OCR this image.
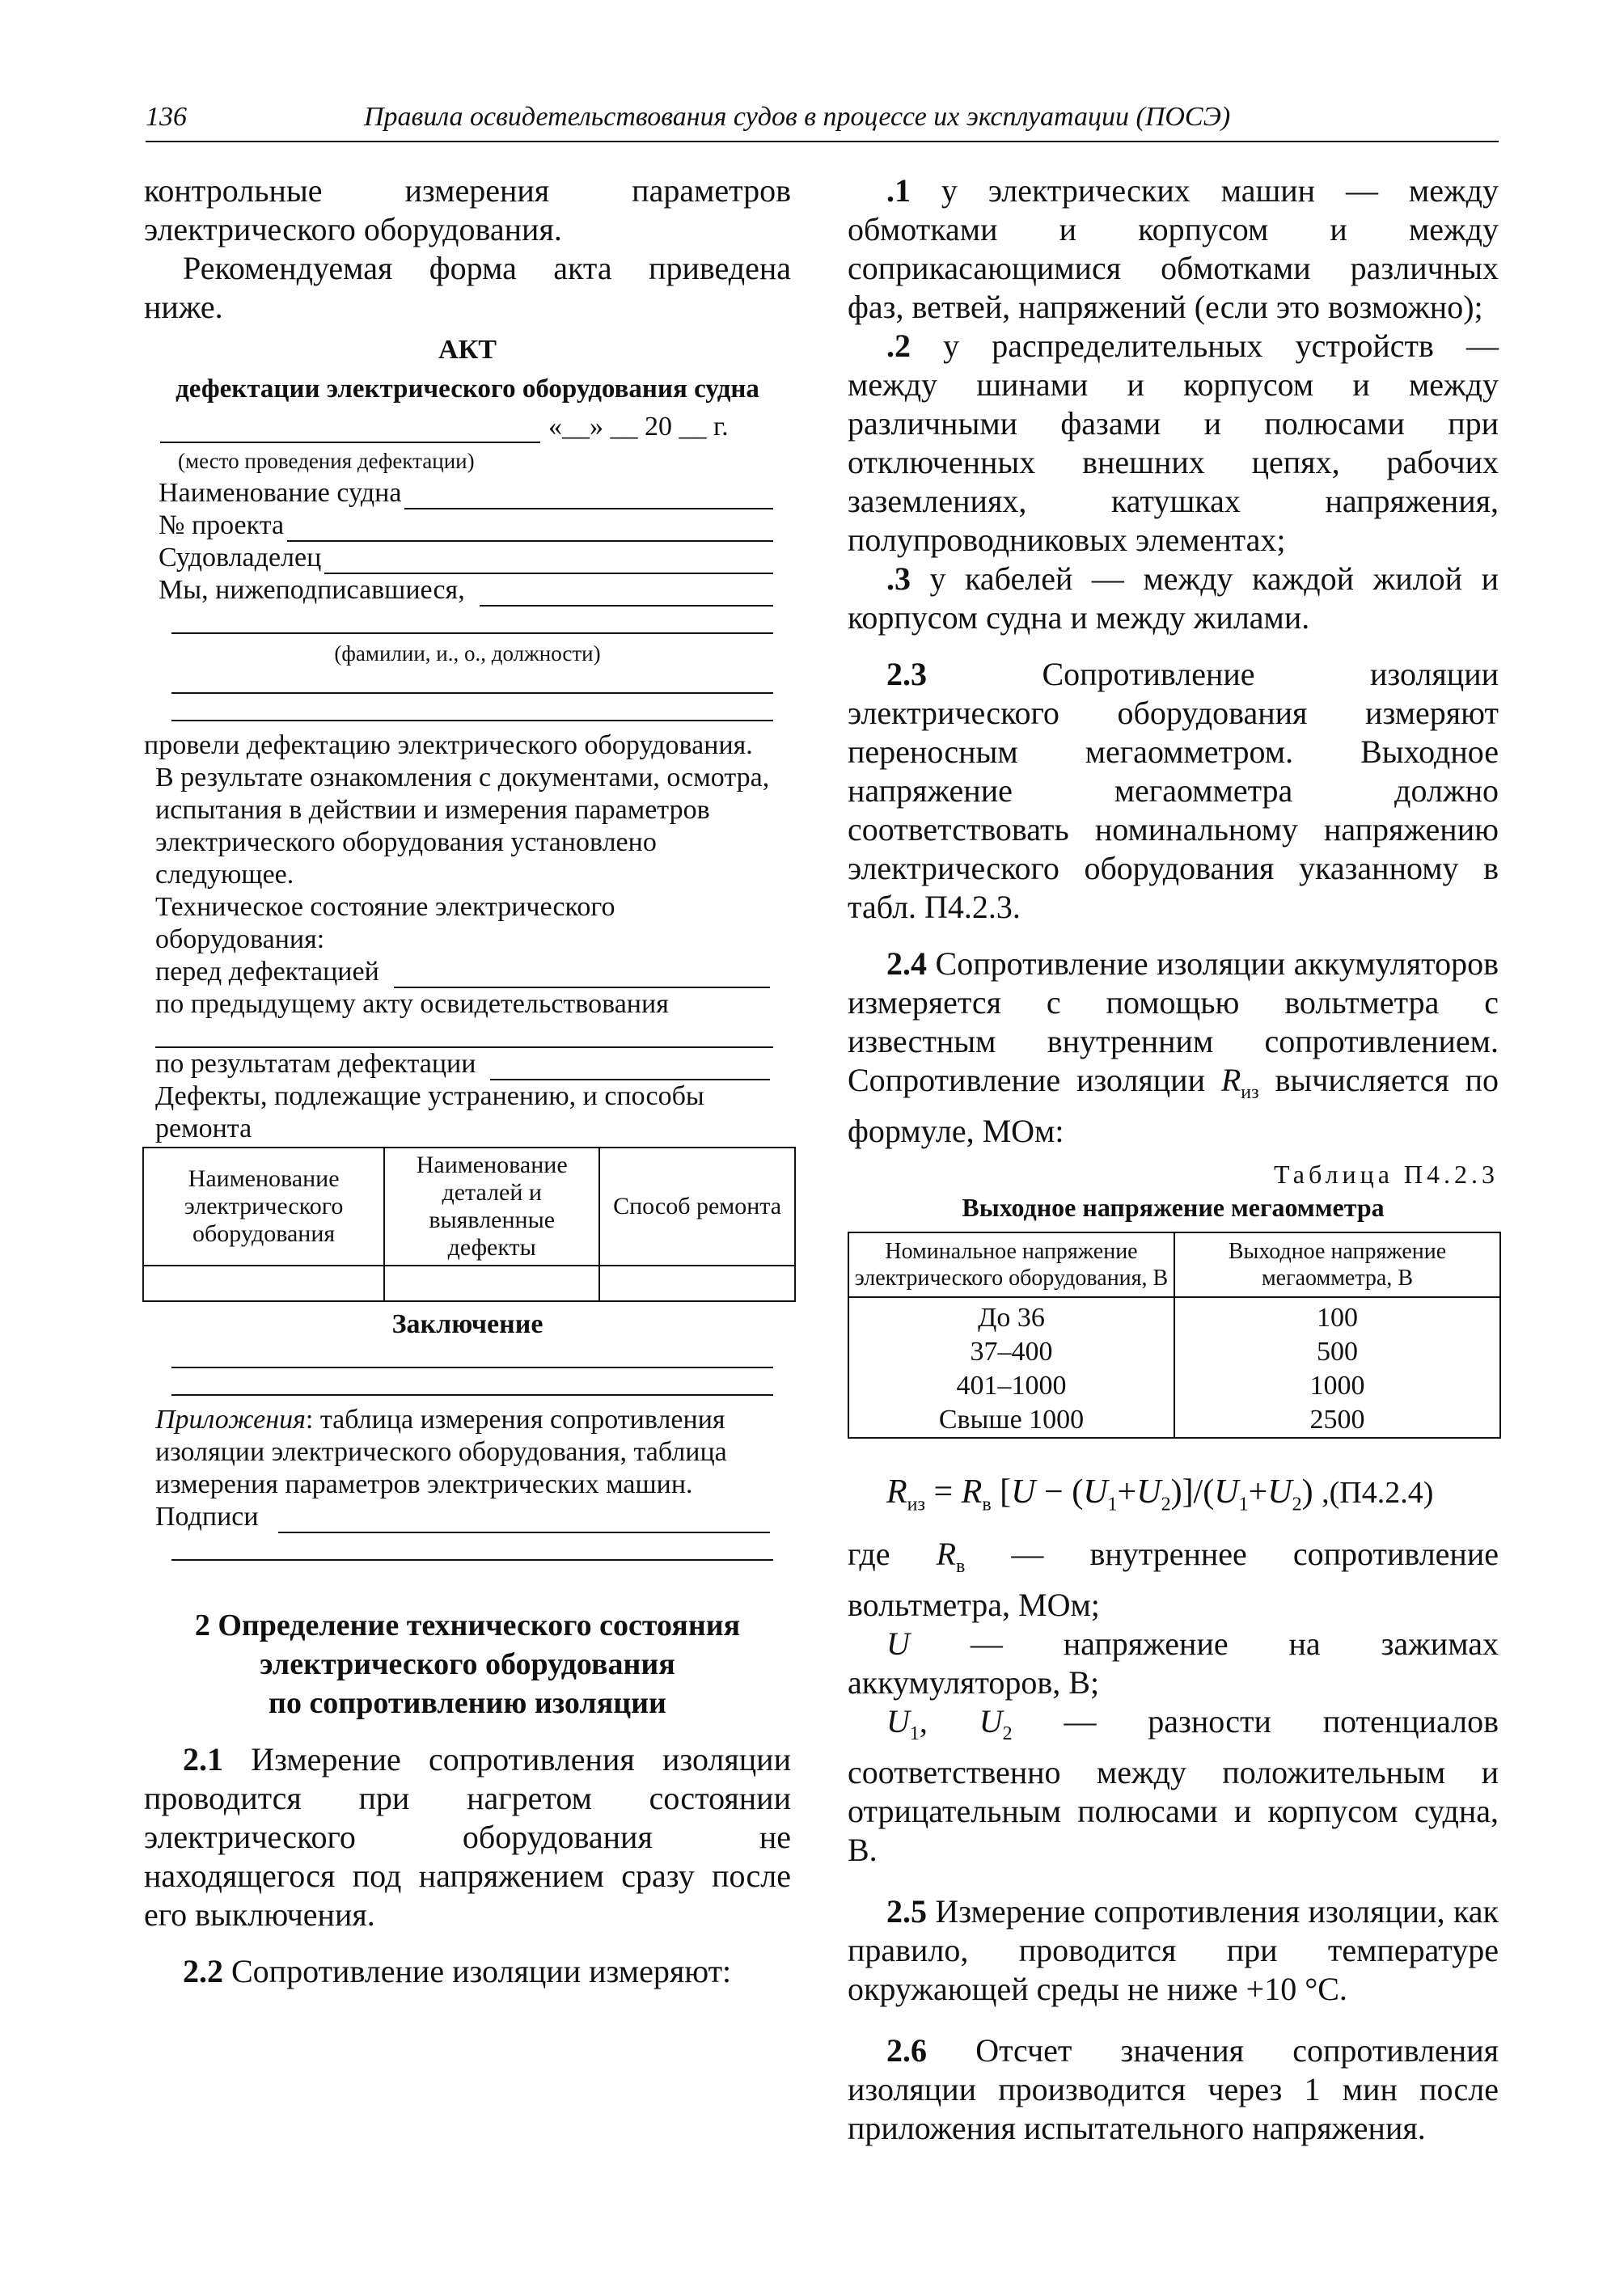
136	Правила освидетельствования судов в процессе их эксплуатации (ПОСЭ)

контрольные измерения параметров электрического оборудования.

Рекомендуемая форма акта приведена ниже.

АКТ
дефектации электрического оборудования судна
«__» __ 20 __ г.
(место проведения дефектации)
Наименование судна
№ проекта
Судовладелец
Мы, нижеподписавшиеся,
(фамилии, и., о., должности)
провели дефектацию электрического оборудования.
В результате ознакомления с документами, осмотра, испытания в действии и измерения параметров электрического оборудования установлено следующее.
Техническое состояние электрического оборудования:
перед дефектацией
по предыдущему акту освидетельствования
по результатам дефектации
Дефекты, подлежащие устранению, и способы ремонта
Наименование электрического оборудования	Наименование деталей и выявленные дефекты	Способ ремонта

Заключение
Приложения: таблица измерения сопротивления изоляции электрического оборудования, таблица измерения параметров электрических машин.
Подписи
2 Определение технического состояния
электрического оборудования
по сопротивлению изоляции

2.1 Измерение сопротивления изоляции проводится при нагретом состоянии электрического оборудования не находящегося под напряжением сразу после его выключения.

2.2 Сопротивление изоляции измеряют:

.1 у электрических машин — между обмотками и корпусом и между соприкасающимися обмотками различных фаз, ветвей, напряжений (если это возможно);

.2 у распределительных устройств — между шинами и корпусом и между различными фазами и полюсами при отключенных внешних цепях, рабочих заземлениях, катушках напряжения, полупроводниковых элементах;

.3 у кабелей — между каждой жилой и корпусом судна и между жилами.

2.3 Сопротивление изоляции электрического оборудования измеряют переносным мегаомметром. Выходное напряжение мегаомметра должно соответствовать номинальному напряжению электрического оборудования указанному в табл. П4.2.3.

2.4 Сопротивление изоляции аккумуляторов измеряется с помощью вольтметра с известным внутренним сопротивлением. Сопротивление изоляции $R_{из}$ вычисляется по формуле, МОм:

Таблица П4.2.3
Выходное напряжение мегаомметра
Номинальное напряжение электрического оборудования, В	Выходное напряжение мегаомметра, В
До 36	100
37–400	500
401–1000	1000
Свыше 1000	2500
$R_{из} = R_в$ $[U - (U_1+U_2)]/(U_1+U_2)$ ,(П4.2.4)

где $R_в$ — внутреннее сопротивление вольтметра, МОм;

U — напряжение на зажимах аккумуляторов, В;

$U_1$, $U_2$ — разности потенциалов соответственно между положительным и отрицательным полюсами и корпусом судна, В.

2.5 Измерение сопротивления изоляции, как правило, проводится при температуре окружающей среды не ниже +10 °С.

2.6 Отсчет значения сопротивления изоляции производится через 1 мин после приложения испытательного напряжения.
